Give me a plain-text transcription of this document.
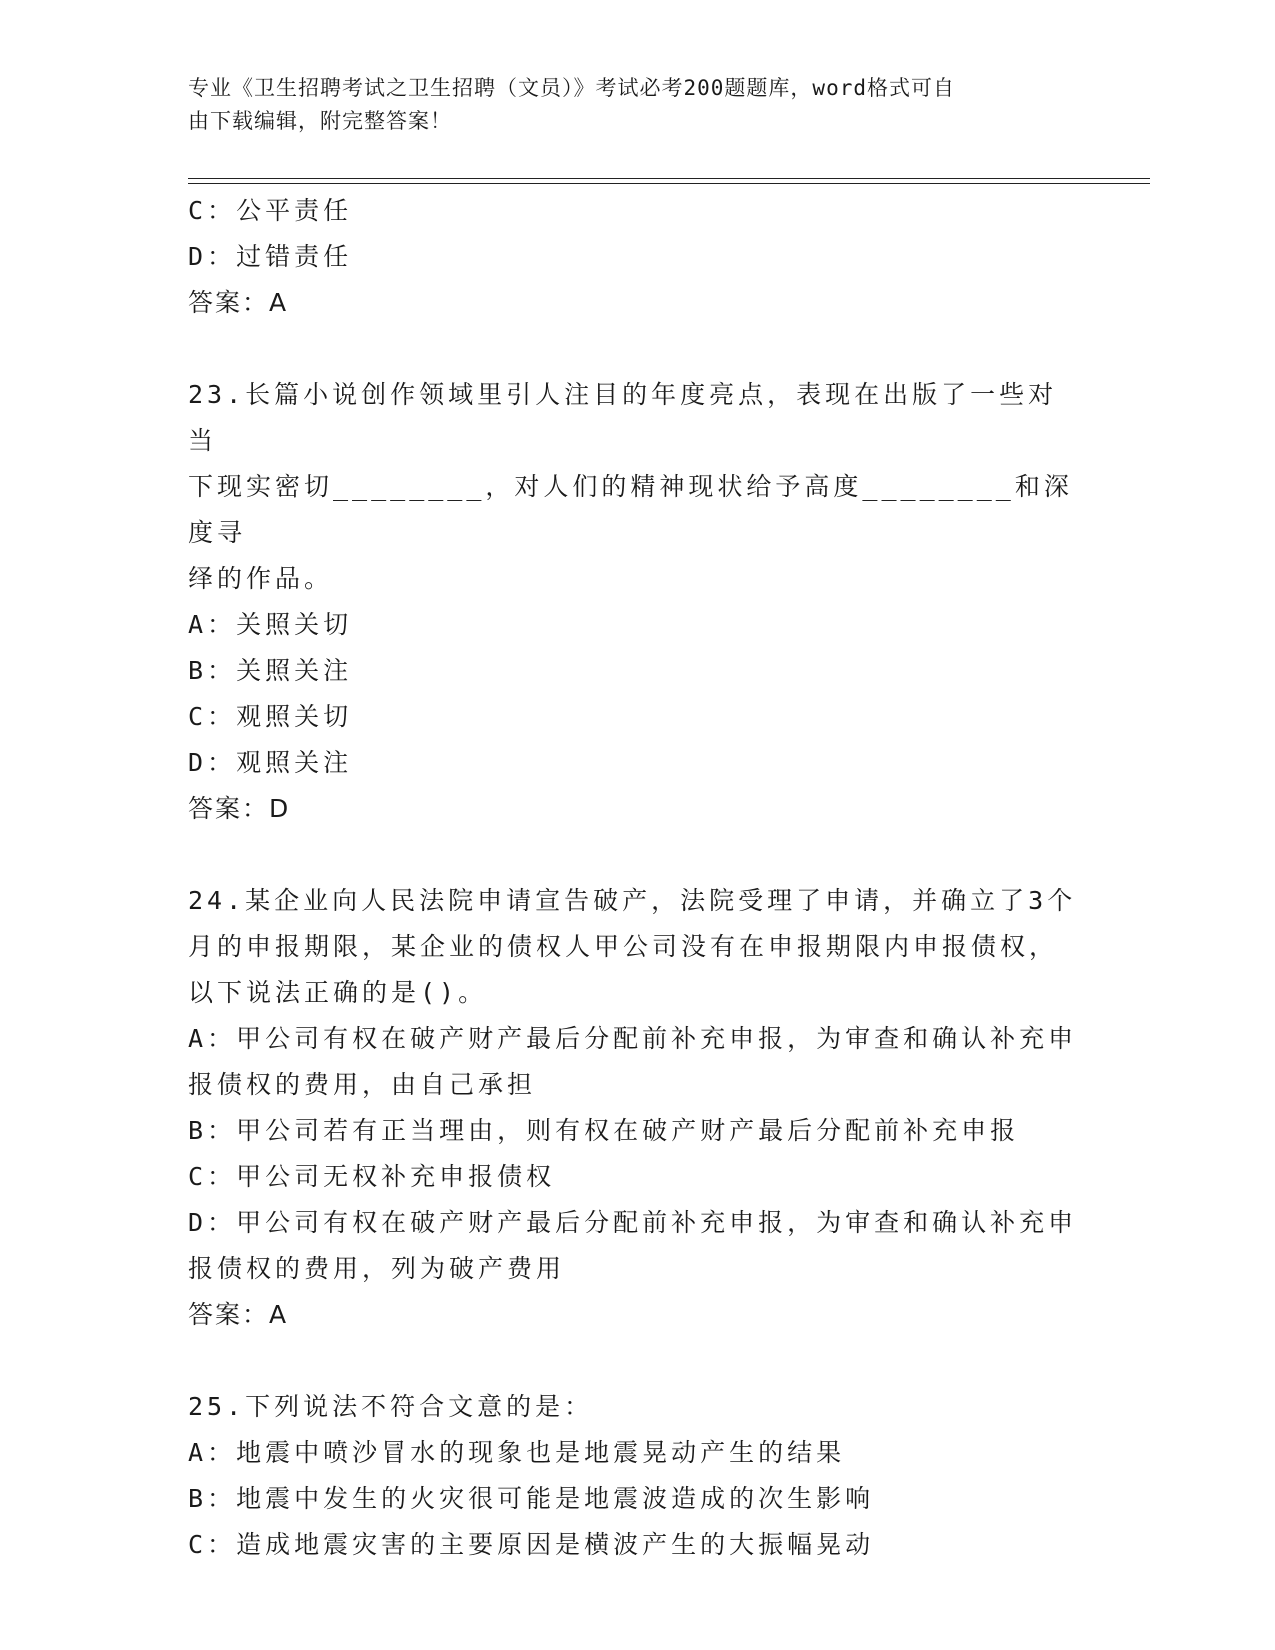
专业《卫生招聘考试之卫生招聘（文员）》考试必考200题题库，word格式可自
由下载编辑，附完整答案！
C：公平责任
D：过错责任
答案：A
23.长篇小说创作领域里引人注目的年度亮点，表现在出版了一些对当
下现实密切________，对人们的精神现状给予高度________和深度寻
绎的作品。
A：关照关切
B：关照关注
C：观照关切
D：观照关注
答案：D
24.某企业向人民法院申请宣告破产，法院受理了申请，并确立了3个
月的申报期限，某企业的债权人甲公司没有在申报期限内申报债权，
以下说法正确的是()。
A：甲公司有权在破产财产最后分配前补充申报，为审查和确认补充申
报债权的费用，由自己承担
B：甲公司若有正当理由，则有权在破产财产最后分配前补充申报
C：甲公司无权补充申报债权
D：甲公司有权在破产财产最后分配前补充申报，为审查和确认补充申
报债权的费用，列为破产费用
答案：A
25.下列说法不符合文意的是：
A：地震中喷沙冒水的现象也是地震晃动产生的结果
B：地震中发生的火灾很可能是地震波造成的次生影响
C：造成地震灾害的主要原因是横波产生的大振幅晃动
